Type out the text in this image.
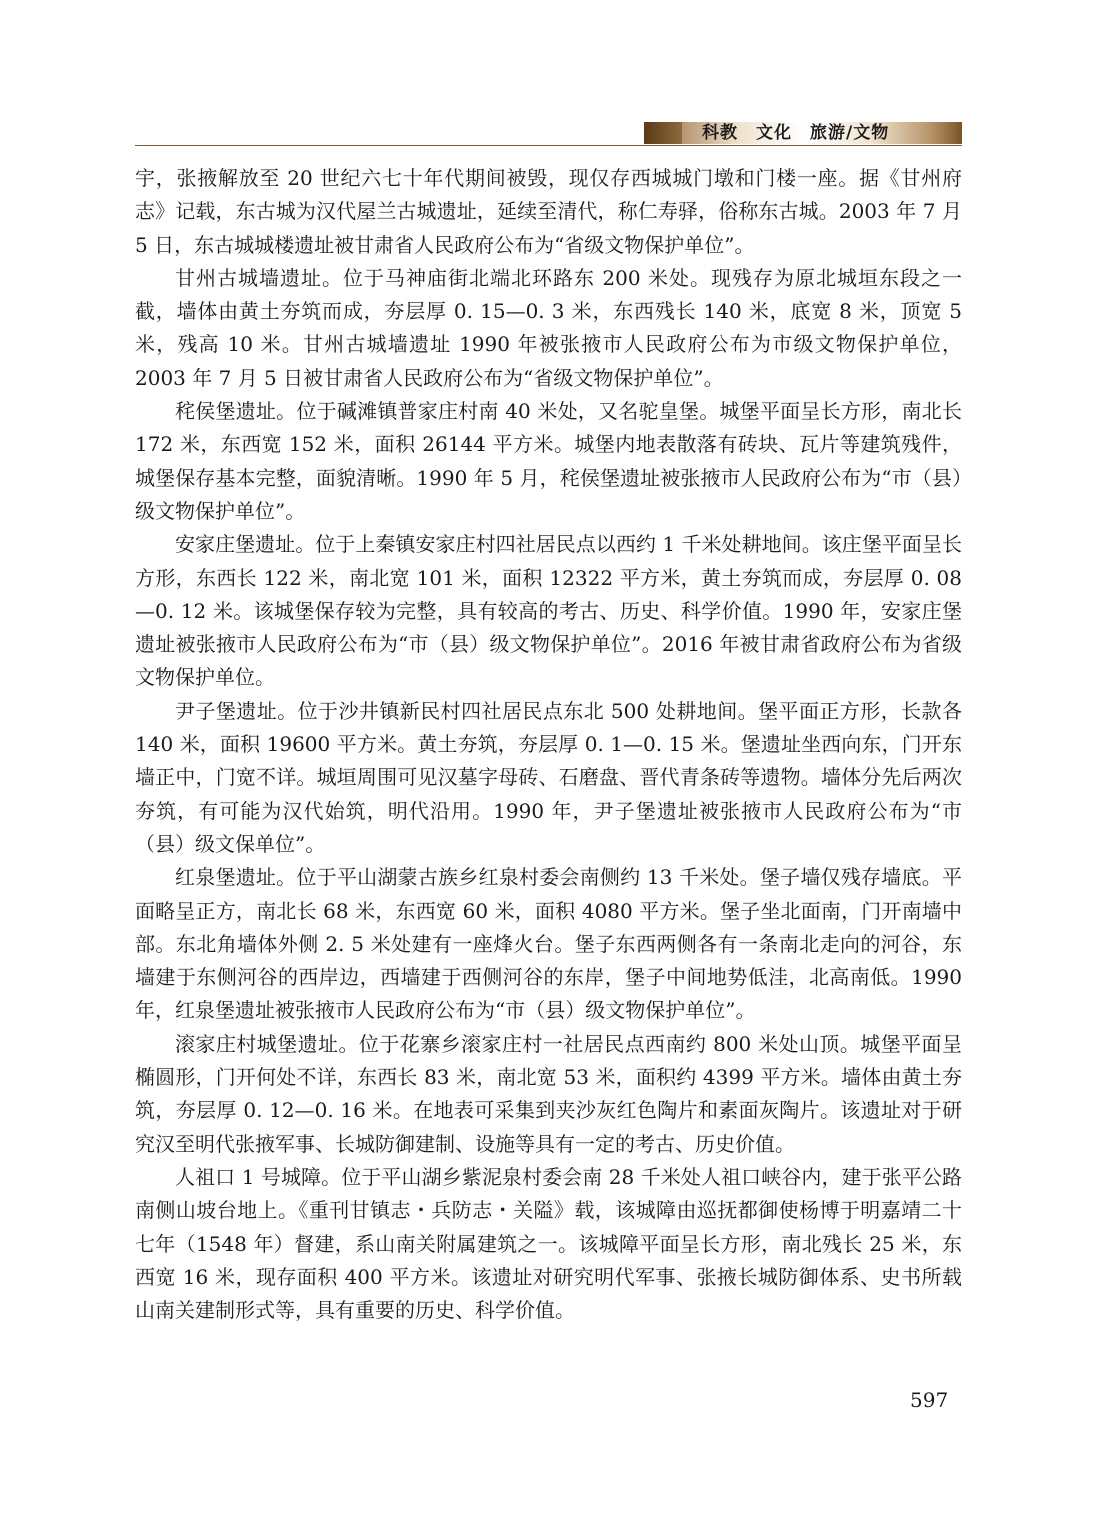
科教　文化　旅游/文物

宇，张掖解放至 20 世纪六七十年代期间被毁，现仅存西城城门墩和门楼一座。据《甘州府志》记载，东古城为汉代屋兰古城遗址，延续至清代，称仁寿驿，俗称东古城。2003 年 7 月 5 日，东古城城楼遗址被甘肃省人民政府公布为“省级文物保护单位”。

甘州古城墙遗址。位于马神庙街北端北环路东 200 米处。现残存为原北城垣东段之一截，墙体由黄土夯筑而成，夯层厚 0. 15—0. 3 米，东西残长 140 米，底宽 8 米，顶宽 5 米，残高 10 米。甘州古城墙遗址 1990 年被张掖市人民政府公布为市级文物保护单位，2003 年 7 月 5 日被甘肃省人民政府公布为“省级文物保护单位”。

秺侯堡遗址。位于碱滩镇普家庄村南 40 米处，又名驼皇堡。城堡平面呈长方形，南北长 172 米，东西宽 152 米，面积 26144 平方米。城堡内地表散落有砖块、瓦片等建筑残件，城堡保存基本完整，面貌清晰。1990 年 5 月，秺侯堡遗址被张掖市人民政府公布为“市（县）级文物保护单位”。

安家庄堡遗址。位于上秦镇安家庄村四社居民点以西约 1 千米处耕地间。该庄堡平面呈长方形，东西长 122 米，南北宽 101 米，面积 12322 平方米，黄土夯筑而成，夯层厚 0. 08—0. 12 米。该城堡保存较为完整，具有较高的考古、历史、科学价值。1990 年，安家庄堡遗址被张掖市人民政府公布为“市（县）级文物保护单位”。2016 年被甘肃省政府公布为省级文物保护单位。

尹子堡遗址。位于沙井镇新民村四社居民点东北 500 处耕地间。堡平面正方形，长款各 140 米，面积 19600 平方米。黄土夯筑，夯层厚 0. 1—0. 15 米。堡遗址坐西向东，门开东墙正中，门宽不详。城垣周围可见汉墓字母砖、石磨盘、晋代青条砖等遗物。墙体分先后两次夯筑，有可能为汉代始筑，明代沿用。1990 年，尹子堡遗址被张掖市人民政府公布为“市（县）级文保单位”。

红泉堡遗址。位于平山湖蒙古族乡红泉村委会南侧约 13 千米处。堡子墙仅残存墙底。平面略呈正方，南北长 68 米，东西宽 60 米，面积 4080 平方米。堡子坐北面南，门开南墙中部。东北角墙体外侧 2. 5 米处建有一座烽火台。堡子东西两侧各有一条南北走向的河谷，东墙建于东侧河谷的西岸边，西墙建于西侧河谷的东岸，堡子中间地势低洼，北高南低。1990 年，红泉堡遗址被张掖市人民政府公布为“市（县）级文物保护单位”。

滚家庄村城堡遗址。位于花寨乡滚家庄村一社居民点西南约 800 米处山顶。城堡平面呈椭圆形，门开何处不详，东西长 83 米，南北宽 53 米，面积约 4399 平方米。墙体由黄土夯筑，夯层厚 0. 12—0. 16 米。在地表可采集到夹沙灰红色陶片和素面灰陶片。该遗址对于研究汉至明代张掖军事、长城防御建制、设施等具有一定的考古、历史价值。

人祖口 1 号城障。位于平山湖乡紫泥泉村委会南 28 千米处人祖口峡谷内，建于张平公路南侧山坡台地上。《重刊甘镇志・兵防志・关隘》载，该城障由巡抚都御使杨博于明嘉靖二十七年（1548 年）督建，系山南关附属建筑之一。该城障平面呈长方形，南北残长 25 米，东西宽 16 米，现存面积 400 平方米。该遗址对研究明代军事、张掖长城防御体系、史书所载山南关建制形式等，具有重要的历史、科学价值。

597
